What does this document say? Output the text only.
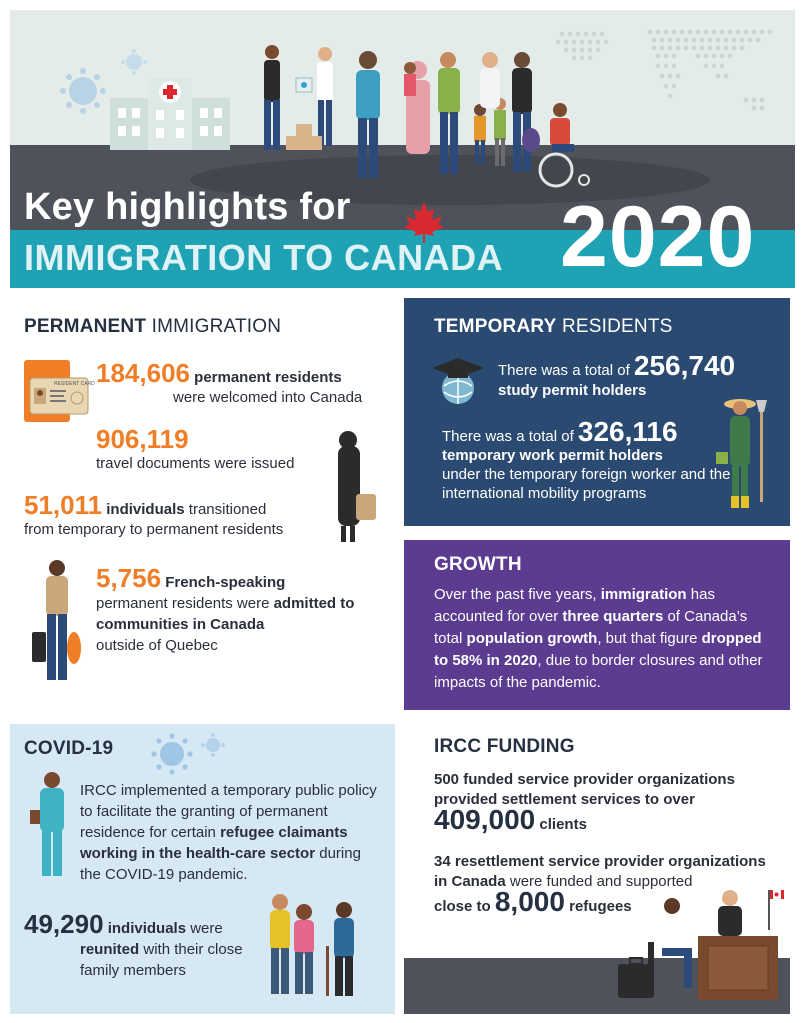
Key highlights for
IMMIGRATION TO CANADA 2020
PERMANENT IMMIGRATION
RESIDENT CARD 184,606 permanent residents
were welcomed into Canada
906,119
travel documents were issued
51,011 individuals transitioned
from temporary to permanent residents
5,756 French-speaking
permanent residents were admitted to communities in Canada
outside of Quebec
TEMPORARY RESIDENTS
There was a total of 256,740
study permit holders
There was a total of 326,116
temporary work permit holders
under the temporary foreign worker and the international mobility programs
GROWTH
Over the past five years, immigration has accounted for over three quarters of Canada’s total population growth, but that figure dropped to 58% in 2020, due to border closures and other impacts of the pandemic.
COVID-19
IRCC implemented a temporary public policy to facilitate the granting of permanent residence for certain refugee claimants working in the health-care sector during the COVID-19 pandemic.
49,290 individuals were
reunited with their close family members
IRCC FUNDING
500 funded service provider organizations provided settlement services to over
409,000 clients
34 resettlement service provider organizations in Canada were funded and supported
close to 8,000 refugees
